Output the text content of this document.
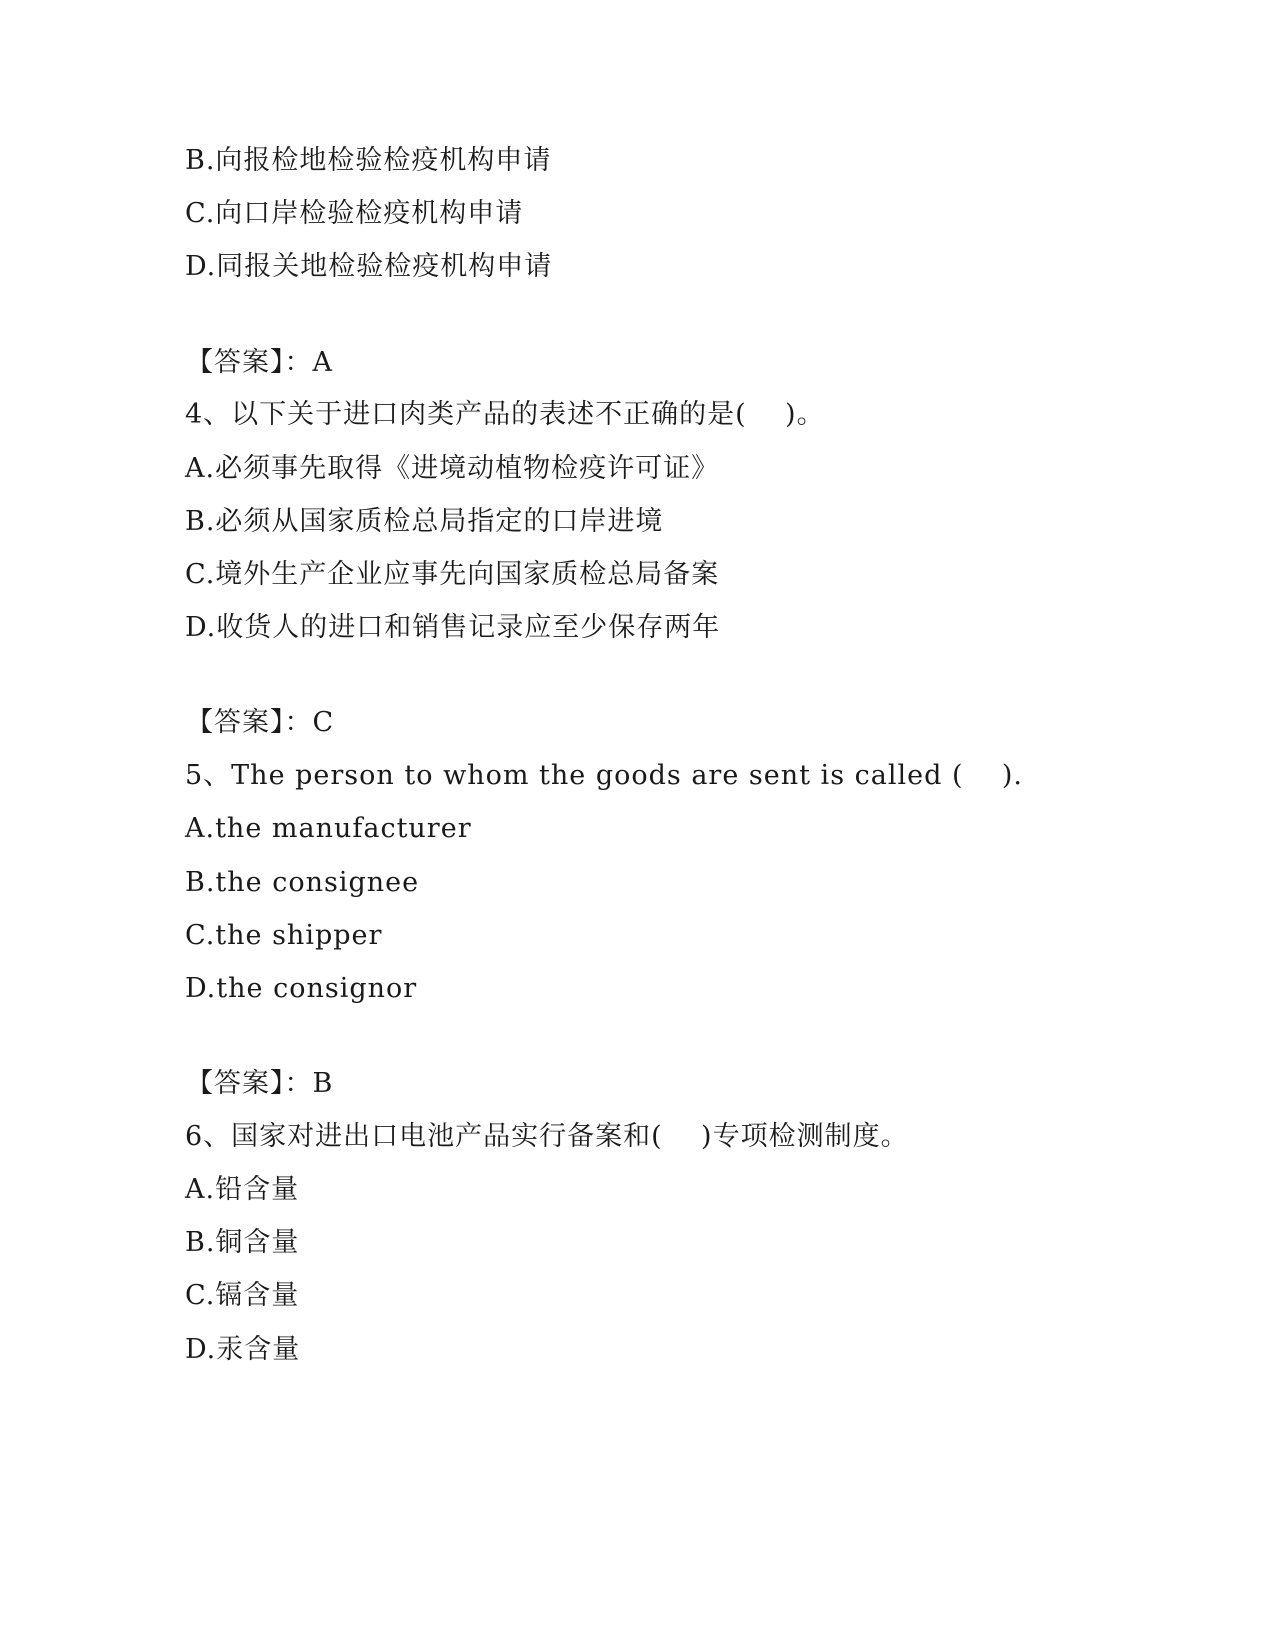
B.向报检地检验检疫机构申请
C.向口岸检验检疫机构申请
D.同报关地检验检疫机构申请
【答案】：A
4、以下关于进口肉类产品的表述不正确的是(    )。
A.必须事先取得《进境动植物检疫许可证》
B.必须从国家质检总局指定的口岸进境
C.境外生产企业应事先向国家质检总局备案
D.收货人的进口和销售记录应至少保存两年
【答案】：C
5、The person to whom the goods are sent is called (    ).
A.the manufacturer
B.the consignee
C.the shipper
D.the consignor
【答案】：B
6、国家对进出口电池产品实行备案和(    )专项检测制度。
A.铅含量
B.铜含量
C.镉含量
D.汞含量
